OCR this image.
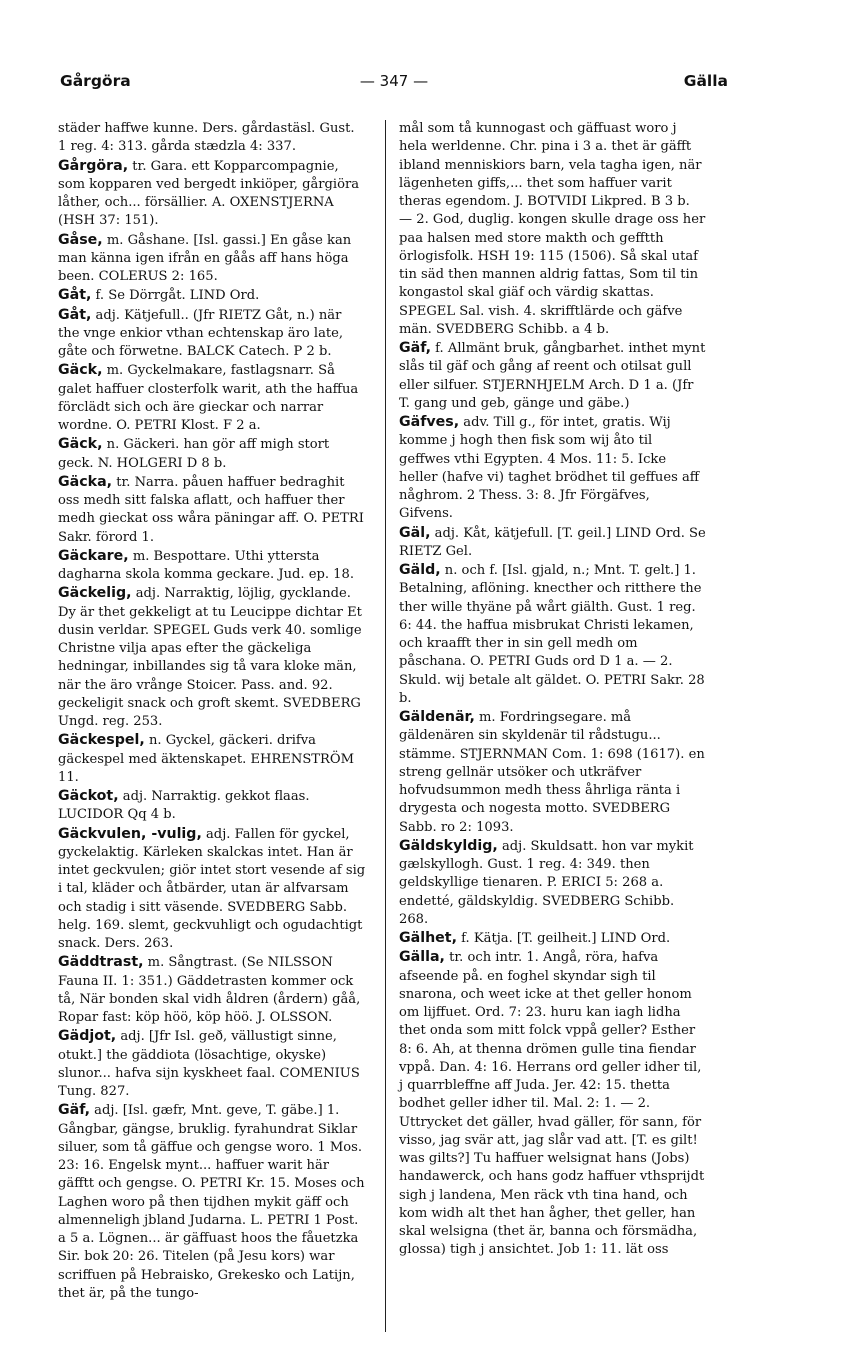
Gårgöra	— 347 —	Gälla

städer haffwe kunne. Ders. gårdastäsl. Gust. 1 reg. 4: 313. gårda stædzla 4: 337.

Gårgöra, tr. Gara. ett Kopparcompagnie, som kopparen ved bergedt inkiöper, gårgiöra låther, och... försällier. A. OXENSTJERNA (HSH 37: 151).

Gåse, m. Gåshane. [Isl. gassi.] En gåse kan man känna igen ifrån en gåås aff hans höga been. COLERUS 2: 165.

Gåt, f. Se Dörrgåt. LIND Ord.

Gåt, adj. Kätjefull.. (Jfr RIETZ Gåt, n.) när the vnge enkior vthan echtenskap äro late, gåte och förwetne. BALCK Catech. P 2 b.

Gäck, m. Gyckelmakare, fastlagsnarr. Så galet haffuer closterfolk warit, ath the haffua förclädt sich och äre gieckar och narrar wordne. O. PETRI Klost. F 2 a.

Gäck, n. Gäckeri. han gör aff migh stort geck. N. HOLGERI D 8 b.

Gäcka, tr. Narra. påuen haffuer bedraghit oss medh sitt falska aflatt, och haffuer ther medh gieckat oss wåra päningar aff. O. PETRI Sakr. förord 1.

Gäckare, m. Bespottare. Uthi yttersta dagharna skola komma geckare. Jud. ep. 18.

Gäckelig, adj. Narraktig, löjlig, gycklande. Dy är thet gekkeligt at tu Leucippe dichtar Et dusin verldar. SPEGEL Guds verk 40. somlige Christne vilja apas efter the gäckeliga hedningar, inbillandes sig tå vara kloke män, när the äro vrånge Stoicer. Pass. and. 92. geckeligit snack och groft skemt. SVEDBERG Ungd. reg. 253.

Gäckespel, n. Gyckel, gäckeri. drifva gäckespel med äktenskapet. EHRENSTRÖM 11.

Gäckot, adj. Narraktig. gekkot flaas. LUCIDOR Qq 4 b.

Gäckvulen, -vulig, adj. Fallen för gyckel, gyckelaktig. Kärleken skalckas intet. Han är intet geckvulen; giör intet stort vesende af sig i tal, kläder och åtbärder, utan är alfvarsam och stadig i sitt väsende. SVEDBERG Sabb. helg. 169. slemt, geckvuhligt och ogudachtigt snack. Ders. 263.

Gäddtrast, m. Sångtrast. (Se NILSSON Fauna II. 1: 351.) Gäddetrasten kommer ock tå, När bonden skal vidh åldren (årdern) gåå, Ropar fast: köp höö, köp höö. J. OLSSON.

Gädjot, adj. [Jfr Isl. geð, vällustigt sinne, otukt.] the gäddiota (lösachtige, okyske) slunor... hafva sijn kyskheet faal. COMENIUS Tung. 827.

Gäf, adj. [Isl. gæfr, Mnt. geve, T. gäbe.] 1. Gångbar, gängse, bruklig. fyrahundrat Siklar siluer, som tå gäffue och gengse woro. 1 Mos. 23: 16. Engelsk mynt... haffuer warit här gäfftt och gengse. O. PETRI Kr. 15. Moses och Laghen woro på then tijdhen mykit gäff och almenneligh jbland Judarna. L. PETRI 1 Post. a 5 a. Lögnen... är gäffuast hoos the fåuetzka Sir. bok 20: 26. Titelen (på Jesu kors) war scriffuen på Hebraisko, Grekesko och Latijn, thet är, på the tungo-

mål som tå kunnogast och gäffuast woro j hela werldenne. Chr. pina i 3 a. thet är gäfft ibland menniskiors barn, vela tagha igen, när lägenheten giffs,... thet som haffuer varit theras egendom. J. BOTVIDI Likpred. B 3 b. — 2. God, duglig. kongen skulle drage oss her paa halsen med store makth och gefftth örlogisfolk. HSH 19: 115 (1506). Så skal utaf tin säd then mannen aldrig fattas, Som til tin kongastol skal giäf och värdig skattas. SPEGEL Sal. vish. 4. skrifftlärde och gäfve män. SVEDBERG Schibb. a 4 b.

Gäf, f. Allmänt bruk, gångbarhet. inthet mynt slås til gäf och gång af reent och otilsat gull eller silfuer. STJERNHJELM Arch. D 1 a. (Jfr T. gang und geb, gänge und gäbe.)

Gäfves, adv. Till g., för intet, gratis. Wij komme j hogh then fisk som wij åto til geffwes vthi Egypten. 4 Mos. 11: 5. Icke heller (hafve vi) taghet brödhet til geffues aff någhrom. 2 Thess. 3: 8. Jfr Förgäfves, Gifvens.

Gäl, adj. Kåt, kätjefull. [T. geil.] LIND Ord. Se RIETZ Gel.

Gäld, n. och f. [Isl. gjald, n.; Mnt. T. gelt.] 1. Betalning, aflöning. knecther och ritthere the ther wille thyäne på wårt giälth. Gust. 1 reg. 6: 44. the haffua misbrukat Christi lekamen, och kraafft ther in sin gell medh om påschana. O. PETRI Guds ord D 1 a. — 2. Skuld. wij betale alt gäldet. O. PETRI Sakr. 28 b.

Gäldenär, m. Fordringsegare. må gäldenären sin skyldenär til rådstugu... stämme. STJERNMAN Com. 1: 698 (1617). en streng gellnär utsöker och utkräfver hofvudsummon medh thess åhrliga ränta i drygesta och nogesta motto. SVEDBERG Sabb. ro 2: 1093.

Gäldskyldig, adj. Skuldsatt. hon var mykit gælskyllogh. Gust. 1 reg. 4: 349. then geldskyllige tienaren. P. ERICI 5: 268 a. endetté, gäldskyldig. SVEDBERG Schibb. 268.

Gälhet, f. Kätja. [T. geilheit.] LIND Ord.

Gälla, tr. och intr. 1. Angå, röra, hafva afseende på. en foghel skyndar sigh til snarona, och weet icke at thet geller honom om lijffuet. Ord. 7: 23. huru kan iagh lidha thet onda som mitt folck vppå geller? Esther 8: 6. Ah, at thenna drömen gulle tina fiendar vppå. Dan. 4: 16. Herrans ord geller idher til, j quarrbleffne aff Juda. Jer. 42: 15. thetta bodhet geller idher til. Mal. 2: 1. — 2. Uttrycket det gäller, hvad gäller, för sann, för visso, jag svär att, jag slår vad att. [T. es gilt! was gilts?] Tu haffuer welsignat hans (Jobs) handawerck, och hans godz haffuer vthsprijdt sigh j landena, Men räck vth tina hand, och kom widh alt thet han ågher, thet geller, han skal welsigna (thet är, banna och försmädha, glossa) tigh j ansichtet. Job 1: 11. lät oss
